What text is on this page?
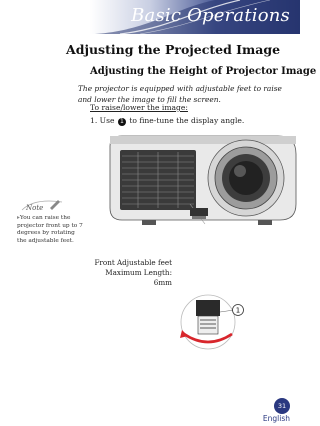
Basic Operations
Adjusting the Projected Image
Adjusting the Height of Projector Image
The projector is equipped with adjustable feet to raise and lower the image to fill the screen.
To raise/lower the image:
1. Use 1 to fine-tune the display angle.
1
Front Adjustable feet
Maximum Length: 6mm
Note
▸You can raise the projector front up to 7 degrees by rotating the adjustable feet.
31
English
